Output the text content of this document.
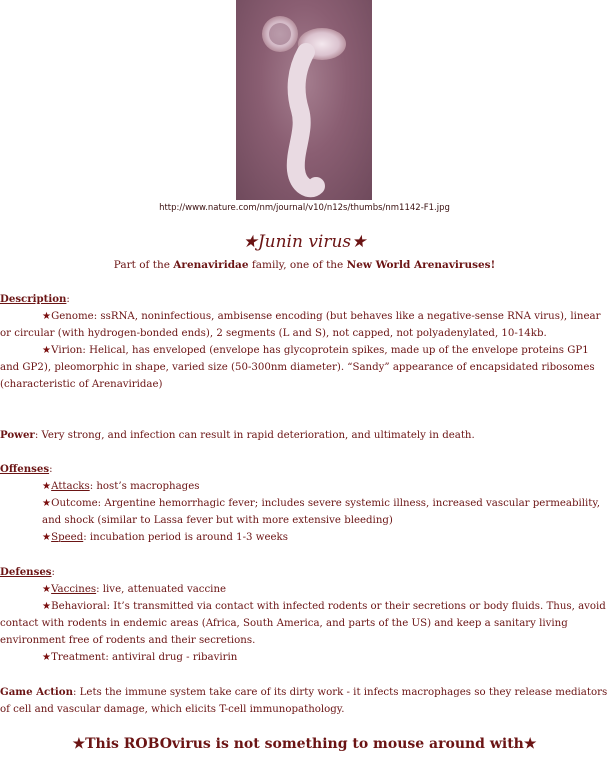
http://www.nature.com/nm/journal/v10/n12s/thumbs/nm1142-F1.jpg
★Junin virus★
Part of the Arenaviridae family, one of the New World Arenaviruses!
Description:
★Genome: ssRNA, noninfectious, ambisense encoding (but behaves like a negative-sense RNA virus), linear or circular (with hydrogen-bonded ends), 2 segments (L and S), not capped, not polyadenylated, 10-14kb.
★Virion: Helical, has enveloped (envelope has glycoprotein spikes, made up of the envelope proteins GP1 and GP2), pleomorphic in shape, varied size (50-300nm diameter). “Sandy” appearance of encapsidated ribosomes (characteristic of Arenaviridae)
Power: Very strong, and infection can result in rapid deterioration, and ultimately in death.
Offenses:
★Attacks: host’s macrophages
★Outcome: Argentine hemorrhagic fever; includes severe systemic illness, increased vascular permeability, and shock (similar to Lassa fever but with more extensive bleeding)
★Speed: incubation period is around 1-3 weeks
Defenses:
★Vaccines: live, attenuated vaccine
★Behavioral: It’s transmitted via contact with infected rodents or their secretions or body fluids. Thus, avoid contact with rodents in endemic areas (Africa, South America, and parts of the US) and keep a sanitary living environment free of rodents and their secretions.
★Treatment: antiviral drug - ribavirin
Game Action: Lets the immune system take care of its dirty work - it infects macrophages so they release mediators of cell and vascular damage, which elicits T-cell immunopathology.
★This ROBOvirus is not something to mouse around with★
